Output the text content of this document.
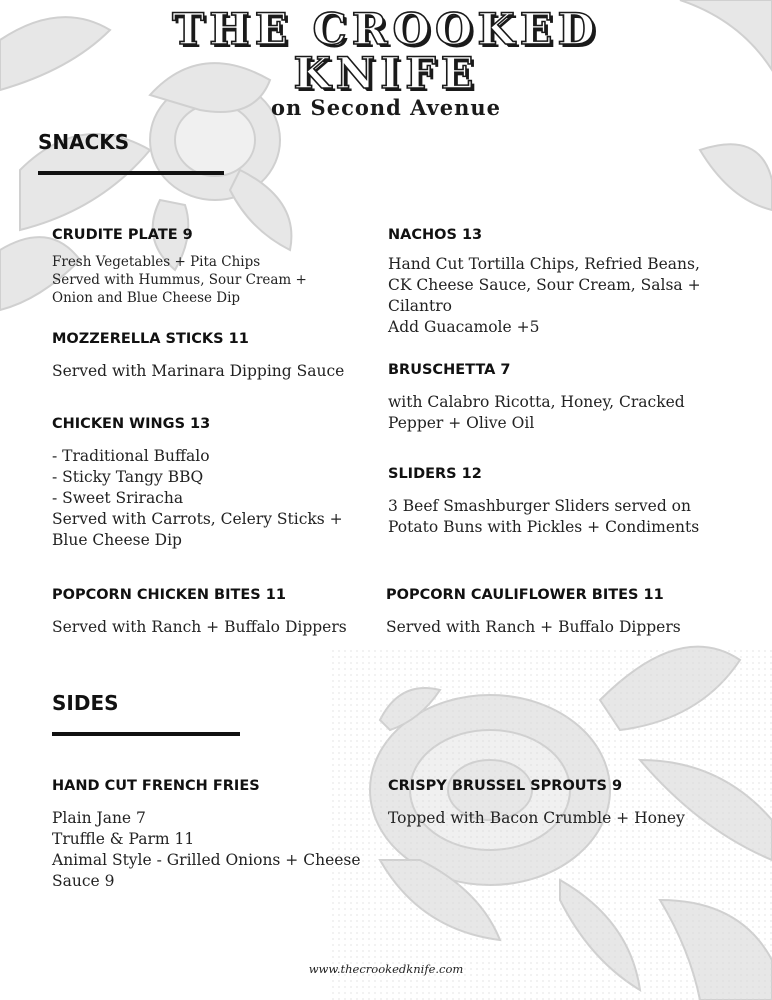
THE CROOKED
KNIFE
on Second Avenue
SNACKS
CRUDITE PLATE 9
Fresh Vegetables + Pita Chips
Served with Hummus, Sour Cream +
Onion and Blue Cheese Dip
MOZZERELLA STICKS 11
Served with Marinara Dipping Sauce
CHICKEN WINGS 13
- Traditional Buffalo
- Sticky Tangy BBQ
- Sweet Sriracha
Served with Carrots, Celery Sticks +
Blue Cheese Dip
POPCORN CHICKEN BITES 11
Served with Ranch + Buffalo Dippers
NACHOS 13
Hand Cut Tortilla Chips, Refried Beans,
CK Cheese Sauce, Sour Cream, Salsa +
Cilantro
Add Guacamole +5
BRUSCHETTA 7
with Calabro Ricotta, Honey, Cracked
Pepper + Olive Oil
SLIDERS 12
3 Beef Smashburger Sliders served on
Potato Buns with Pickles + Condiments
POPCORN CAULIFLOWER BITES 11
Served with Ranch + Buffalo Dippers
SIDES
HAND CUT FRENCH FRIES
Plain Jane 7
Truffle & Parm 11
Animal Style - Grilled Onions + Cheese
Sauce 9
CRISPY BRUSSEL SPROUTS 9
Topped with Bacon Crumble + Honey
www.thecrookedknife.com
